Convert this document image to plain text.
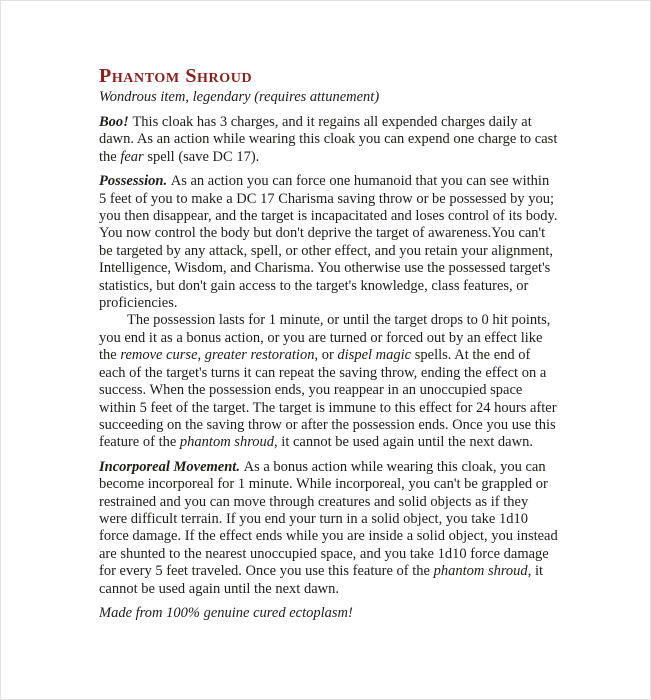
Phantom Shroud

Wondrous item, legendary (requires attunement)

Boo! This cloak has 3 charges, and it regains all expended charges daily at dawn. As an action while wearing this cloak you can expend one charge to cast the fear spell (save DC 17).

Possession. As an action you can force one humanoid that you can see within 5 feet of you to make a DC 17 Charisma saving throw or be possessed by you; you then disappear, and the target is incapacitated and loses control of its body. You now control the body but don't deprive the target of awareness.You can't be targeted by any attack, spell, or other effect, and you retain your alignment, Intelligence, Wisdom, and Charisma. You otherwise use the possessed target's statistics, but don't gain access to the target's knowledge, class features, or proficiencies.

The possession lasts for 1 minute, or until the target drops to 0 hit points, you end it as a bonus action, or you are turned or forced out by an effect like the remove curse, greater restoration, or dispel magic spells. At the end of each of the target's turns it can repeat the saving throw, ending the effect on a success. When the possession ends, you reappear in an unoccupied space within 5 feet of the target. The target is immune to this effect for 24 hours after succeeding on the saving throw or after the possession ends. Once you use this feature of the phantom shroud, it cannot be used again until the next dawn.

Incorporeal Movement. As a bonus action while wearing this cloak, you can become incorporeal for 1 minute. While incorporeal, you can't be grappled or restrained and you can move through creatures and solid objects as if they were difficult terrain. If you end your turn in a solid object, you take 1d10 force damage. If the effect ends while you are inside a solid object, you instead are shunted to the nearest unoccupied space, and you take 1d10 force damage for every 5 feet traveled. Once you use this feature of the phantom shroud, it cannot be used again until the next dawn.

Made from 100% genuine cured ectoplasm!
